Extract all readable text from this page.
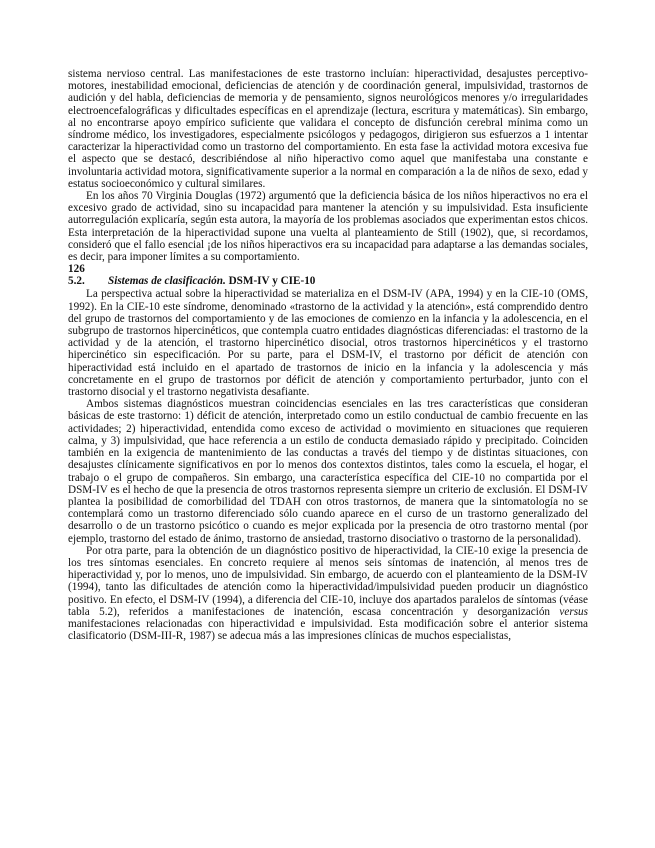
sistema nervioso central. Las manifestaciones de este trastorno incluían: hiperactividad, desajustes perceptivo-motores, inestabilidad emocional, deficiencias de atención y de coordinación general, impulsividad, trastornos de audición y del habla, deficiencias de memoria y de pensamiento, signos neurológicos menores y/o irregularidades electroencefalográficas y dificultades específicas en el aprendizaje (lectura, escritura y matemáticas). Sin embargo, al no encontrarse apoyo empírico suficiente que validara el concepto de disfunción cerebral mínima como un síndrome médico, los investigadores, especialmente psicólogos y pedagogos, dirigieron sus esfuerzos a 1 intentar caracterizar la hiperactividad como un trastorno del comportamiento. En esta fase la actividad motora excesiva fue el aspecto que se destacó, describiéndose al niño hiperactivo como aquel que manifestaba una constante e involuntaria actividad motora, significativamente superior a la normal en comparación a la de niños de sexo, edad y estatus socioeconómico y cultural similares.

En los años 70 Virginia Douglas (1972) argumentó que la deficiencia básica de los niños hiperactivos no era el excesivo grado de actividad, sino su incapacidad para mantener la atención y su impulsividad. Esta insuficiente autorregulación explicaría, según esta autora, la mayoría de los problemas asociados que experimentan estos chicos. Esta interpretación de la hiperactividad supone una vuelta al planteamiento de Still (1902), que, si recordamos, consideró que el fallo esencial ¡de los niños hiperactivos era su incapacidad para adaptarse a las demandas sociales, es decir, para imponer límites a su comportamiento.

126

5.2. Sistemas de clasificación. DSM-IV y CIE-10

La perspectiva actual sobre la hiperactividad se materializa en el DSM-IV (APA, 1994) y en la CIE-10 (OMS, 1992). En la CIE-10 este síndrome, denominado «trastorno de la actividad y la atención», está comprendido dentro del grupo de trastornos del comportamiento y de las emociones de comienzo en la infancia y la adolescencia, en el subgrupo de trastornos hipercinéticos, que contempla cuatro entidades diagnósticas diferenciadas: el trastorno de la actividad y de la atención, el trastorno hipercinético disocial, otros trastornos hipercinéticos y el trastorno hipercinético sin especificación. Por su parte, para el DSM-IV, el trastorno por déficit de atención con hiperactividad está incluido en el apartado de trastornos de inicio en la infancia y la adolescencia y más concretamente en el grupo de trastornos por déficit de atención y comportamiento perturbador, junto con el trastorno disocial y el trastorno negativista desafiante.

Ambos sistemas diagnósticos muestran coincidencias esenciales en las tres características que consideran básicas de este trastorno: 1) déficit de atención, interpretado como un estilo conductual de cambio frecuente en las actividades; 2) hiperactividad, entendida como exceso de actividad o movimiento en situaciones que requieren calma, y 3) impulsividad, que hace referencia a un estilo de conducta demasiado rápido y precipitado. Coinciden también en la exigencia de mantenimiento de las conductas a través del tiempo y de distintas situaciones, con desajustes clínicamente significativos en por lo menos dos contextos distintos, tales como la escuela, el hogar, el trabajo o el grupo de compañeros. Sin embargo, una característica específica del CIE-10 no compartida por el DSM-IV es el hecho de que la presencia de otros trastornos representa siempre un criterio de exclusión. El DSM-IV plantea la posibilidad de comorbilidad del TDAH con otros trastornos, de manera que la sintomatología no se contemplará como un trastorno diferenciado sólo cuando aparece en el curso de un trastorno generalizado del desarrollo o de un trastorno psicótico o cuando es mejor explicada por la presencia de otro trastorno mental (por ejemplo, trastorno del estado de ánimo, trastorno de ansiedad, trastorno disociativo o trastorno de la personalidad).

Por otra parte, para la obtención de un diagnóstico positivo de hiperactividad, la CIE-10 exige la presencia de los tres síntomas esenciales. En concreto requiere al menos seis síntomas de inatención, al menos tres de hiperactividad y, por lo menos, uno de impulsividad. Sin embargo, de acuerdo con el planteamiento de la DSM-IV (1994), tanto las dificultades de atención como la hiperactividad/impulsividad pueden producir un diagnóstico positivo. En efecto, el DSM-IV (1994), a diferencia del CIE-10, incluye dos apartados paralelos de síntomas (véase tabla 5.2), referidos a manifestaciones de inatención, escasa concentración y desorganización versus manifestaciones relacionadas con hiperactividad e impulsividad. Esta modificación sobre el anterior sistema clasificatorio (DSM-III-R, 1987) se adecua más a las impresiones clínicas de muchos especialistas,
